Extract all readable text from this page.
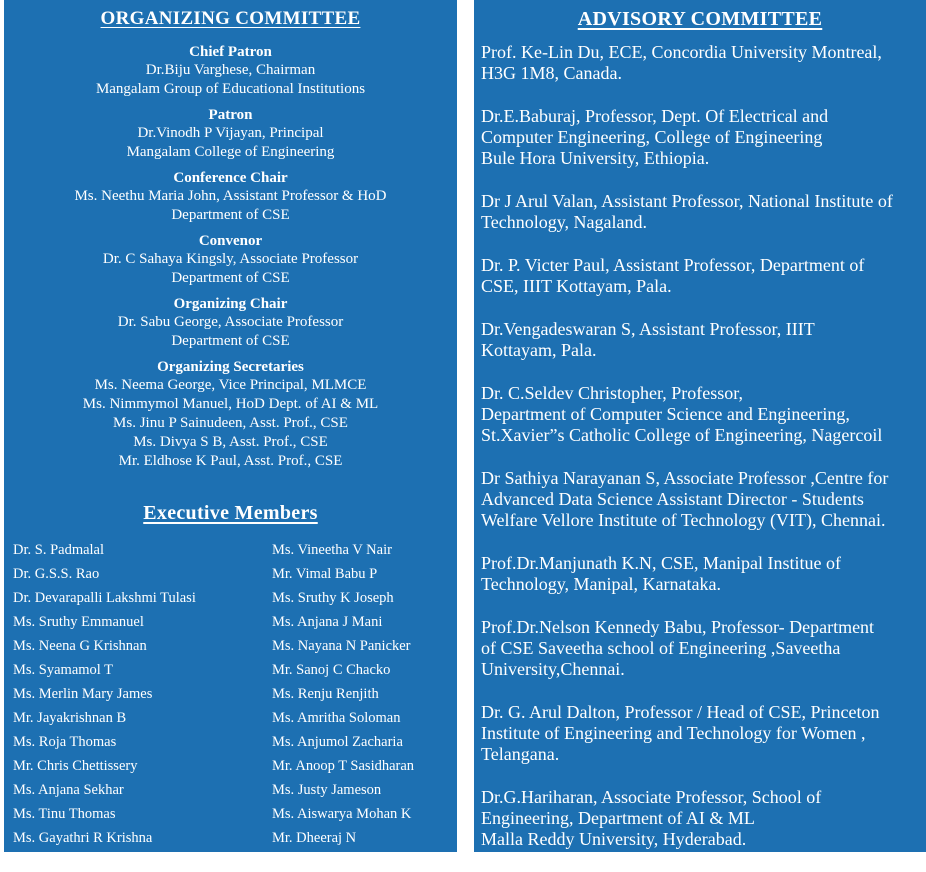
ORGANIZING COMMITTEE
Chief Patron
Dr.Biju Varghese, Chairman
Mangalam Group of Educational Institutions
Patron
Dr.Vinodh P Vijayan, Principal
Mangalam College of Engineering
Conference Chair
Ms. Neethu Maria John, Assistant Professor & HoD
Department of CSE
Convenor
Dr. C Sahaya Kingsly, Associate Professor
Department of CSE
Organizing Chair
Dr. Sabu George, Associate Professor
Department of CSE
Organizing Secretaries
Ms. Neema George, Vice Principal, MLMCE
Ms. Nimmymol Manuel, HoD Dept. of AI & ML
Ms. Jinu P Sainudeen, Asst. Prof., CSE
Ms. Divya S B, Asst. Prof., CSE
Mr. Eldhose K Paul, Asst. Prof., CSE
Executive Members
Dr. S. Padmalal
Dr. G.S.S. Rao
Dr. Devarapalli Lakshmi Tulasi
Ms. Sruthy Emmanuel
Ms. Neena G Krishnan
Ms. Syamamol T
Ms. Merlin Mary James
Mr. Jayakrishnan B
Ms. Roja Thomas
Mr. Chris Chettissery
Ms. Anjana Sekhar
Ms. Tinu Thomas
Ms. Gayathri R Krishna
Ms. Vineetha V Nair
Mr. Vimal Babu P
Ms. Sruthy K Joseph
Ms. Anjana J Mani
Ms. Nayana N Panicker
Mr. Sanoj C Chacko
Ms. Renju Renjith
Ms. Amritha Soloman
Ms. Anjumol Zacharia
Mr. Anoop T Sasidharan
Ms. Justy Jameson
Ms. Aiswarya Mohan K
Mr. Dheeraj N
ADVISORY COMMITTEE
Prof. Ke-Lin Du, ECE, Concordia University Montreal,
H3G 1M8, Canada.
Dr.E.Baburaj, Professor, Dept. Of Electrical and
Computer Engineering, College of Engineering
Bule Hora University, Ethiopia.
Dr J Arul Valan, Assistant Professor, National Institute of
Technology, Nagaland.
Dr. P. Victer Paul, Assistant Professor, Department of
CSE, IIIT Kottayam, Pala.
Dr.Vengadeswaran S, Assistant Professor, IIIT
Kottayam, Pala.
Dr. C.Seldev Christopher, Professor,
Department of Computer Science and Engineering,
St.Xavier”s Catholic College of Engineering, Nagercoil
Dr Sathiya Narayanan S, Associate Professor ,Centre for
Advanced Data Science Assistant Director - Students
Welfare Vellore Institute of Technology (VIT), Chennai.
Prof.Dr.Manjunath K.N, CSE, Manipal Institue of
Technology, Manipal, Karnataka.
Prof.Dr.Nelson Kennedy Babu, Professor- Department
of CSE Saveetha school of Engineering ,Saveetha
University,Chennai.
Dr. G. Arul Dalton, Professor / Head of CSE, Princeton
Institute of Engineering and Technology for Women ,
Telangana.
Dr.G.Hariharan, Associate Professor, School of
Engineering, Department of AI & ML
Malla Reddy University, Hyderabad.
